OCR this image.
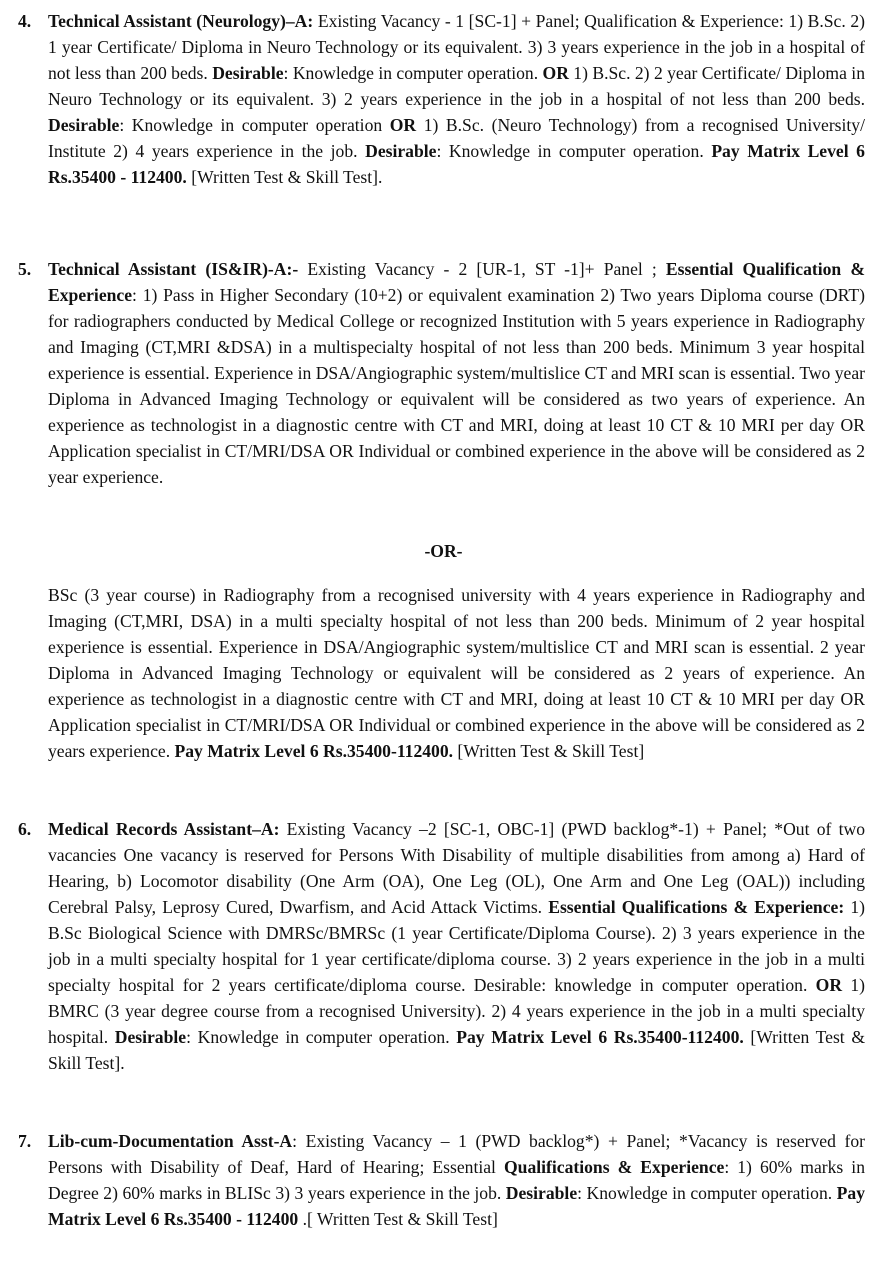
4. Technical Assistant (Neurology)–A: Existing Vacancy - 1 [SC-1] + Panel; Qualification & Experience: 1) B.Sc. 2) 1 year Certificate/ Diploma in Neuro Technology or its equivalent. 3) 3 years experience in the job in a hospital of not less than 200 beds. Desirable: Knowledge in computer operation. OR 1) B.Sc. 2) 2 year Certificate/ Diploma in Neuro Technology or its equivalent. 3) 2 years experience in the job in a hospital of not less than 200 beds. Desirable: Knowledge in computer operation OR 1) B.Sc. (Neuro Technology) from a recognised University/ Institute 2) 4 years experience in the job. Desirable: Knowledge in computer operation. Pay Matrix Level 6 Rs.35400 - 112400. [Written Test & Skill Test].

5. Technical Assistant (IS&IR)-A:- Existing Vacancy - 2 [UR-1, ST -1]+ Panel ; Essential Qualification & Experience: 1) Pass in Higher Secondary (10+2) or equivalent examination 2) Two years Diploma course (DRT) for radiographers conducted by Medical College or recognized Institution with 5 years experience in Radiography and Imaging (CT,MRI &DSA) in a multispecialty hospital of not less than 200 beds. Minimum 3 year hospital experience is essential. Experience in DSA/Angiographic system/multislice CT and MRI scan is essential. Two year Diploma in Advanced Imaging Technology or equivalent will be considered as two years of experience. An experience as technologist in a diagnostic centre with CT and MRI, doing at least 10 CT & 10 MRI per day OR Application specialist in CT/MRI/DSA OR Individual or combined experience in the above will be considered as 2 year experience.

-OR-

BSc (3 year course) in Radiography from a recognised university with 4 years experience in Radiography and Imaging (CT,MRI, DSA) in a multi specialty hospital of not less than 200 beds. Minimum of 2 year hospital experience is essential. Experience in DSA/Angiographic system/multislice CT and MRI scan is essential. 2 year Diploma in Advanced Imaging Technology or equivalent will be considered as 2 years of experience. An experience as technologist in a diagnostic centre with CT and MRI, doing at least 10 CT & 10 MRI per day OR Application specialist in CT/MRI/DSA OR Individual or combined experience in the above will be considered as 2 years experience. Pay Matrix Level 6 Rs.35400-112400. [Written Test & Skill Test]

6. Medical Records Assistant–A: Existing Vacancy –2 [SC-1, OBC-1] (PWD backlog*-1) + Panel; *Out of two vacancies One vacancy is reserved for Persons With Disability of multiple disabilities from among a) Hard of Hearing, b) Locomotor disability (One Arm (OA), One Leg (OL), One Arm and One Leg (OAL)) including Cerebral Palsy, Leprosy Cured, Dwarfism, and Acid Attack Victims. Essential Qualifications & Experience: 1) B.Sc Biological Science with DMRSc/BMRSc (1 year Certificate/Diploma Course). 2) 3 years experience in the job in a multi specialty hospital for 1 year certificate/diploma course. 3) 2 years experience in the job in a multi specialty hospital for 2 years certificate/diploma course. Desirable: knowledge in computer operation. OR 1) BMRC (3 year degree course from a recognised University). 2) 4 years experience in the job in a multi specialty hospital. Desirable: Knowledge in computer operation. Pay Matrix Level 6 Rs.35400-112400. [Written Test & Skill Test].

7. Lib-cum-Documentation Asst-A: Existing Vacancy – 1 (PWD backlog*) + Panel; *Vacancy is reserved for Persons with Disability of Deaf, Hard of Hearing; Essential Qualifications & Experience: 1) 60% marks in Degree 2) 60% marks in BLISc 3) 3 years experience in the job. Desirable: Knowledge in computer operation. Pay Matrix Level 6 Rs.35400 - 112400 .[ Written Test & Skill Test]
